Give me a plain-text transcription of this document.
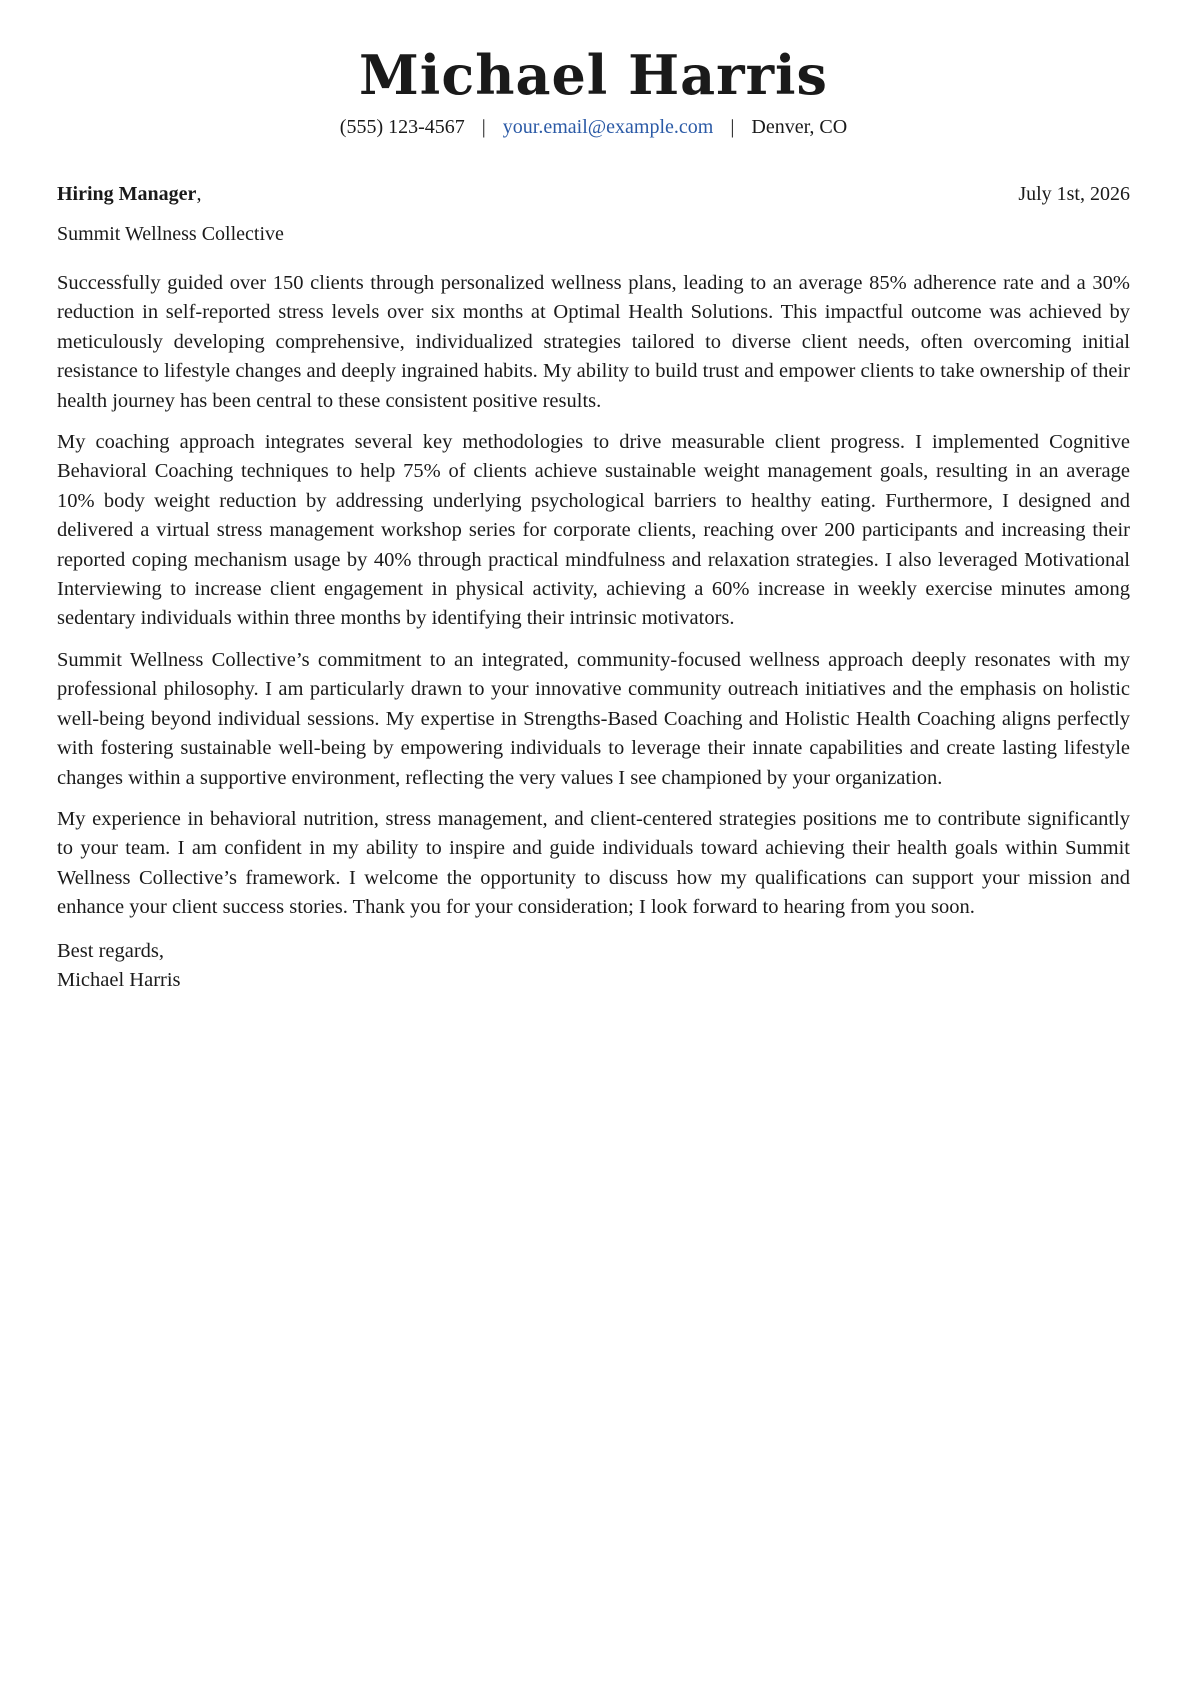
Michael Harris
(555) 123-4567 | your.email@example.com | Denver, CO
Hiring Manager,	July 1st, 2026
Summit Wellness Collective

Successfully guided over 150 clients through personalized wellness plans, leading to an average 85% adherence rate and a 30% reduction in self-reported stress levels over six months at Optimal Health Solutions. This impactful outcome was achieved by meticulously developing comprehensive, individualized strategies tailored to diverse client needs, often overcoming initial resistance to lifestyle changes and deeply ingrained habits. My ability to build trust and empower clients to take ownership of their health journey has been central to these consistent positive results.

My coaching approach integrates several key methodologies to drive measurable client progress. I implemented Cognitive Behavioral Coaching techniques to help 75% of clients achieve sustainable weight management goals, resulting in an average 10% body weight reduction by addressing underlying psychological barriers to healthy eating. Furthermore, I designed and delivered a virtual stress management workshop series for corporate clients, reaching over 200 participants and increasing their reported coping mechanism usage by 40% through practical mindfulness and relaxation strategies. I also leveraged Motivational Interviewing to increase client engagement in physical activity, achieving a 60% increase in weekly exercise minutes among sedentary individuals within three months by identifying their intrinsic motivators.

Summit Wellness Collective’s commitment to an integrated, community-focused wellness approach deeply resonates with my professional philosophy. I am particularly drawn to your innovative community outreach initiatives and the emphasis on holistic well-being beyond individual sessions. My expertise in Strengths-Based Coaching and Holistic Health Coaching aligns perfectly with fostering sustainable well-being by empowering individuals to leverage their innate capabilities and create lasting lifestyle changes within a supportive environment, reflecting the very values I see championed by your organization.

My experience in behavioral nutrition, stress management, and client-centered strategies positions me to contribute significantly to your team. I am confident in my ability to inspire and guide individuals toward achieving their health goals within Summit Wellness Collective’s framework. I welcome the opportunity to discuss how my qualifications can support your mission and enhance your client success stories. Thank you for your consideration; I look forward to hearing from you soon.

Best regards,
Michael Harris
